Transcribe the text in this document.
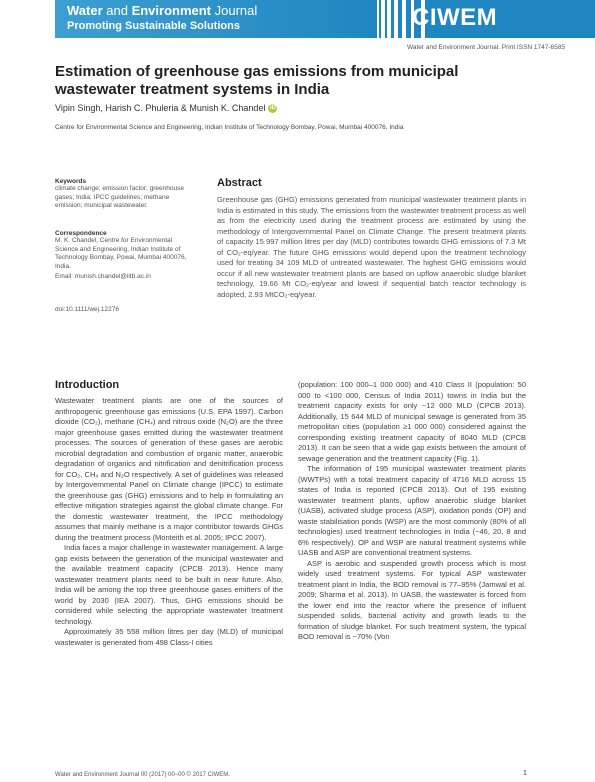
Water and Environment Journal
Promoting Sustainable Solutions	CIWEM
Water and Environment Journal. Print ISSN 1747-6585
Estimation of greenhouse gas emissions from municipal wastewater treatment systems in India
Vipin Singh, Harish C. Phuleria & Munish K. Chandel iD
Centre for Environmental Science and Engineering, Indian Institute of Technology Bombay, Powai, Mumbai 400076, India
Keywords
climate change; emission factor; greenhouse gases; India; IPCC guidelines; methane emission; municipal wastewater.
Correspondence
M. K. Chandel, Centre for Environmental Science and Engineering, Indian Institute of Technology Bombay, Powai, Mumbai 400076, India.
Email: munish.chandel@iitb.ac.in
doi:10.1111/wej.12276
Abstract
Greenhouse gas (GHG) emissions generated from municipal wastewater treatment plants in India is estimated in this study. The emissions from the wastewater treatment process as well as from the electricity used during the treatment process are estimated by using the methodology of Intergovernmental Panel on Climate Change. The present treatment plants of capacity 15 997 million litres per day (MLD) contributes towards GHG emissions of 7.3 Mt of CO₂-eq/year. The future GHG emissions would depend upon the treatment technology used for treating 34 109 MLD of untreated wastewater. The highest GHG emissions would occur if all new wastewater treatment plants are based on upflow anaerobic sludge blanket technology, 19.66 Mt CO₂-eq/year and lowest if sequential batch reactor technology is adopted, 2.93 MtCO₂-eq/year.
Introduction

Wastewater treatment plants are one of the sources of anthropogenic greenhouse gas emissions (U.S. EPA 1997). Carbon dioxide (CO₂), methane (CH₄) and nitrous oxide (N₂O) are the three major greenhouse gases emitted during the wastewater treatment processes. The sources of generation of these gases are aerobic microbial degradation and combustion of organic matter, anaerobic degradation of organics and nitrification and denitrification process for CO₂, CH₄ and N₂O respectively. A set of guidelines was released by Intergovernmental Panel on Climate change (IPCC) to estimate the greenhouse gas (GHG) emissions and to help in formulating an effective mitigation strategies against the global climate change. For the domestic wastewater treatment, the IPCC methodology assumes that mainly methane is a major contributor towards GHGs during the treatment process (Monteith et al. 2005; IPCC 2007).

India faces a major challenge in wastewater management. A large gap exists between the generation of the municipal wastewater and the available treatment capacity (CPCB 2013). Hence many wastewater treatment plants need to be built in near future. Also, India will be among the top three greenhouse gases emitters of the world by 2030 (IEA 2007). Thus, GHG emissions should be considered while selecting the appropriate wastewater treatment technology.

Approximately 35 558 million litres per day (MLD) of municipal wastewater is generated from 498 Class-I cities

(population: 100 000–1 000 000) and 410 Class II (population: 50 000 to <100 000, Census of India 2011) towns in India but the treatment capacity exists for only ~12 000 MLD (CPCB 2013). Additionally, 15 644 MLD of municipal sewage is generated from 35 metropolitan cities (population ≥1 000 000) considered against the corresponding existing treatment capacity of 8040 MLD (CPCB 2013). It can be seen that a wide gap exists between the amount of sewage generation and the treatment capacity (Fig. 1).

The information of 195 municipal wastewater treatment plants (WWTPs) with a total treatment capacity of 4716 MLD across 15 states of India is reported (CPCB 2013). Out of 195 existing wastewater treatment plants, upflow anaerobic sludge blanket (UASB), activated sludge process (ASP), oxidation ponds (OP) and waste stabilisation ponds (WSP) are the most commonly (80% of all technologies) used treatment technologies in India (~46, 20, 8 and 6% respectively). OP and WSP are natural treatment systems while UASB and ASP are conventional treatment systems.

ASP is aerobic and suspended growth process which is most widely used treatment systems. For typical ASP wastewater treatment plant in India, the BOD removal is 77–95% (Jamwal et al. 2009; Sharma et al. 2013). In UASB, the wastewater is forced from the lower end into the reactor where the presence of influent suspended solids, bacterial activity and growth leads to the formation of sludge blanket. For such treatment system, the typical BOD removal is ~70% (Von

Water and Environment Journal 00 (2017) 00–00 © 2017 CIWEM.	1
